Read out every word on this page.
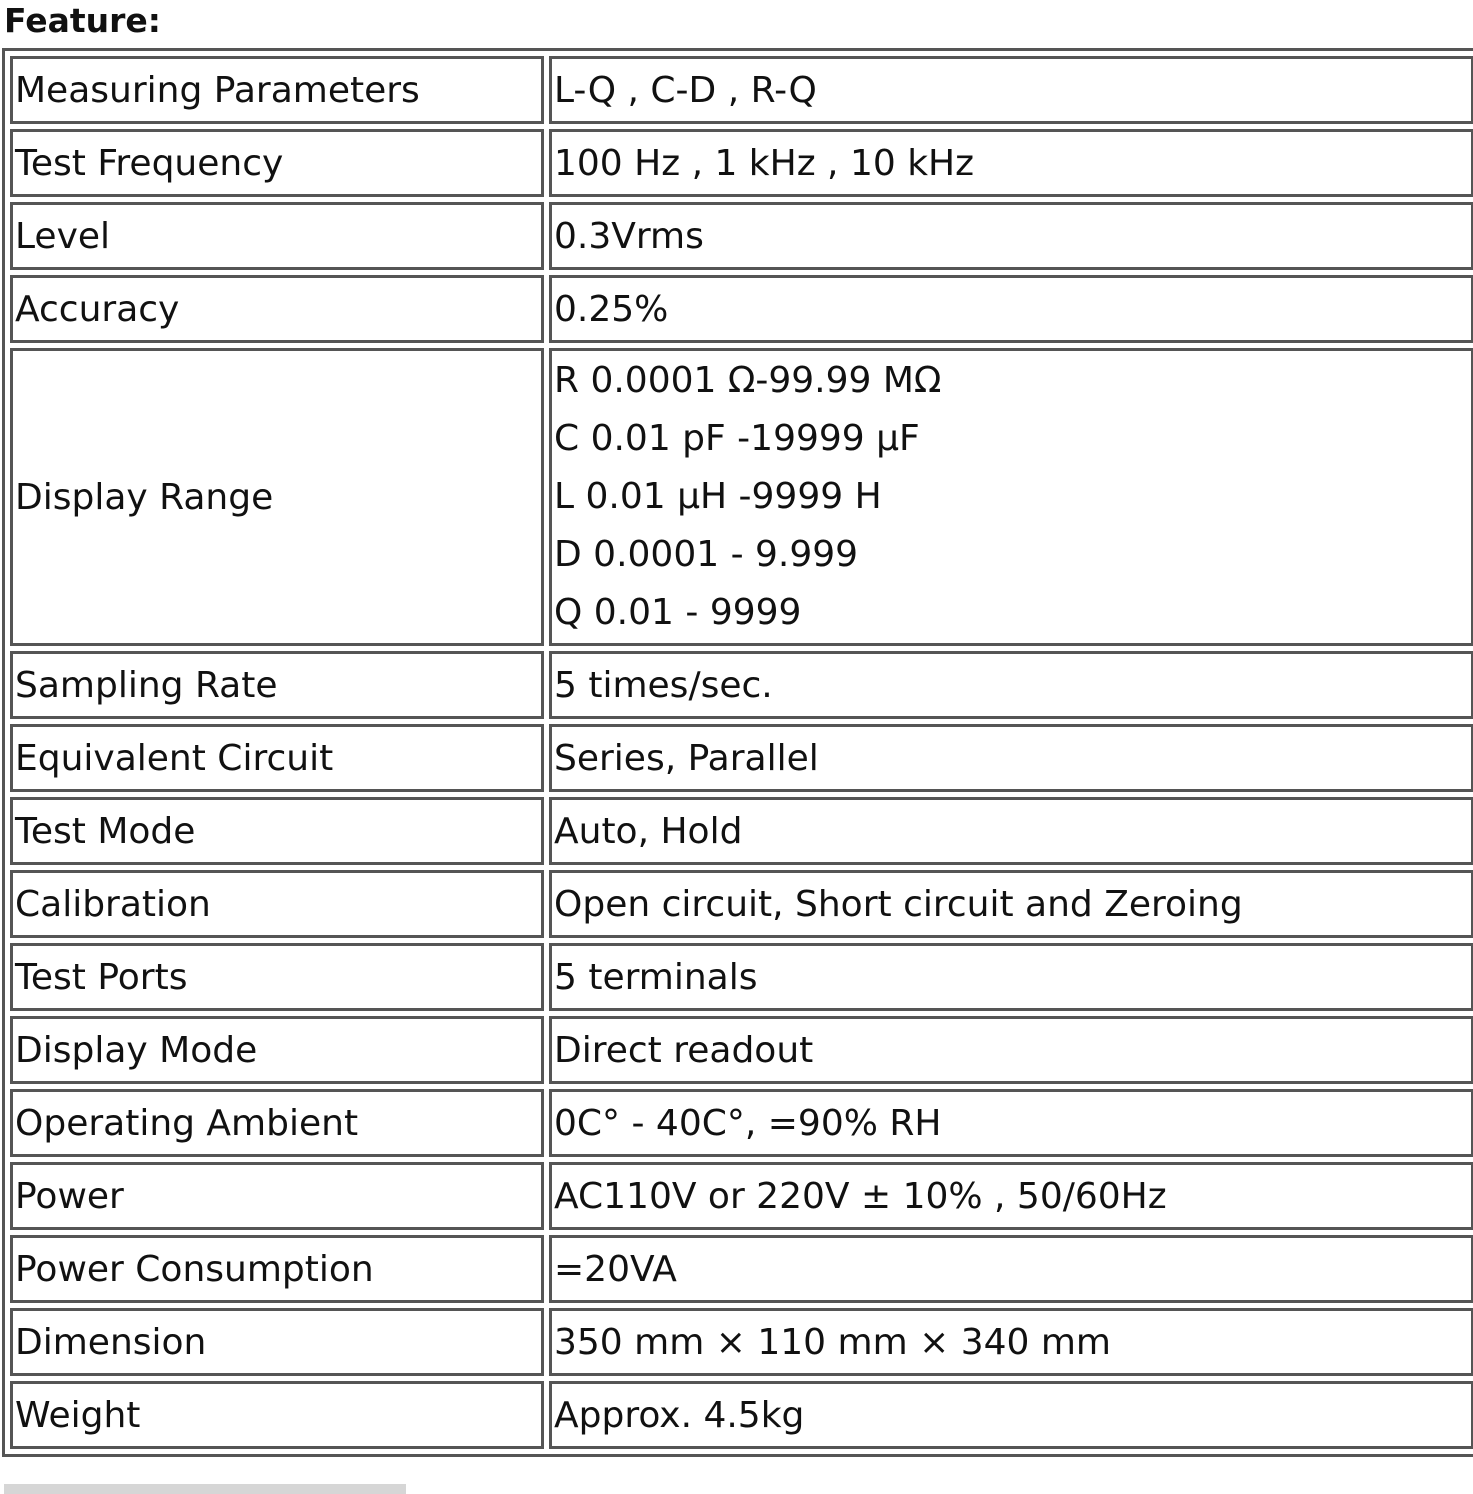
Feature:
Measuring Parameters	L-Q , C-D , R-Q
Test Frequency	100 Hz , 1 kHz , 10 kHz
Level	0.3Vrms
Accuracy	0.25%
Display Range	R 0.0001 Ω-99.99 MΩ
C 0.01 pF -19999 μF
L 0.01 μH -9999 H
D 0.0001 - 9.999
Q 0.01 - 9999

Sampling Rate	5 times/sec.
Equivalent Circuit	Series, Parallel
Test Mode	Auto, Hold
Calibration	Open circuit, Short circuit and Zeroing
Test Ports	5 terminals
Display Mode	Direct readout
Operating Ambient	0C° - 40C°, =90% RH
Power	AC110V or 220V ± 10% , 50/60Hz
Power Consumption	=20VA
Dimension	350 mm × 110 mm × 340 mm
Weight	Approx. 4.5kg
